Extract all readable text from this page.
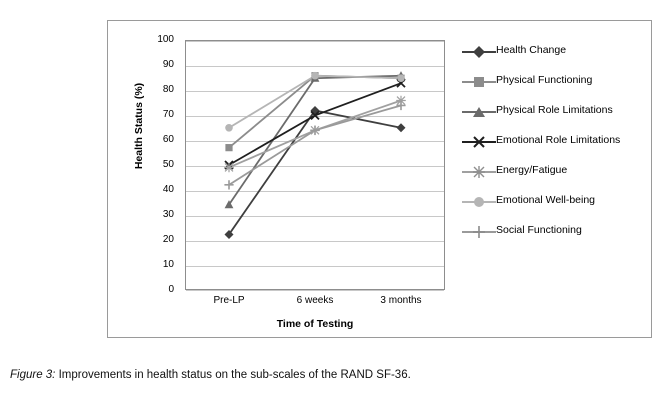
Health Status (%)
0
10
20
30
40
50
60
70
80
90
100
Pre-LP	6 weeks	3 months
Time of Testing
Health Change
Physical Functioning
Physical Role Limitations
Emotional Role Limitations
Energy/Fatigue
Emotional Well-being
Social Functioning
Figure 3: Improvements in health status on the sub-scales of the RAND SF-36.
